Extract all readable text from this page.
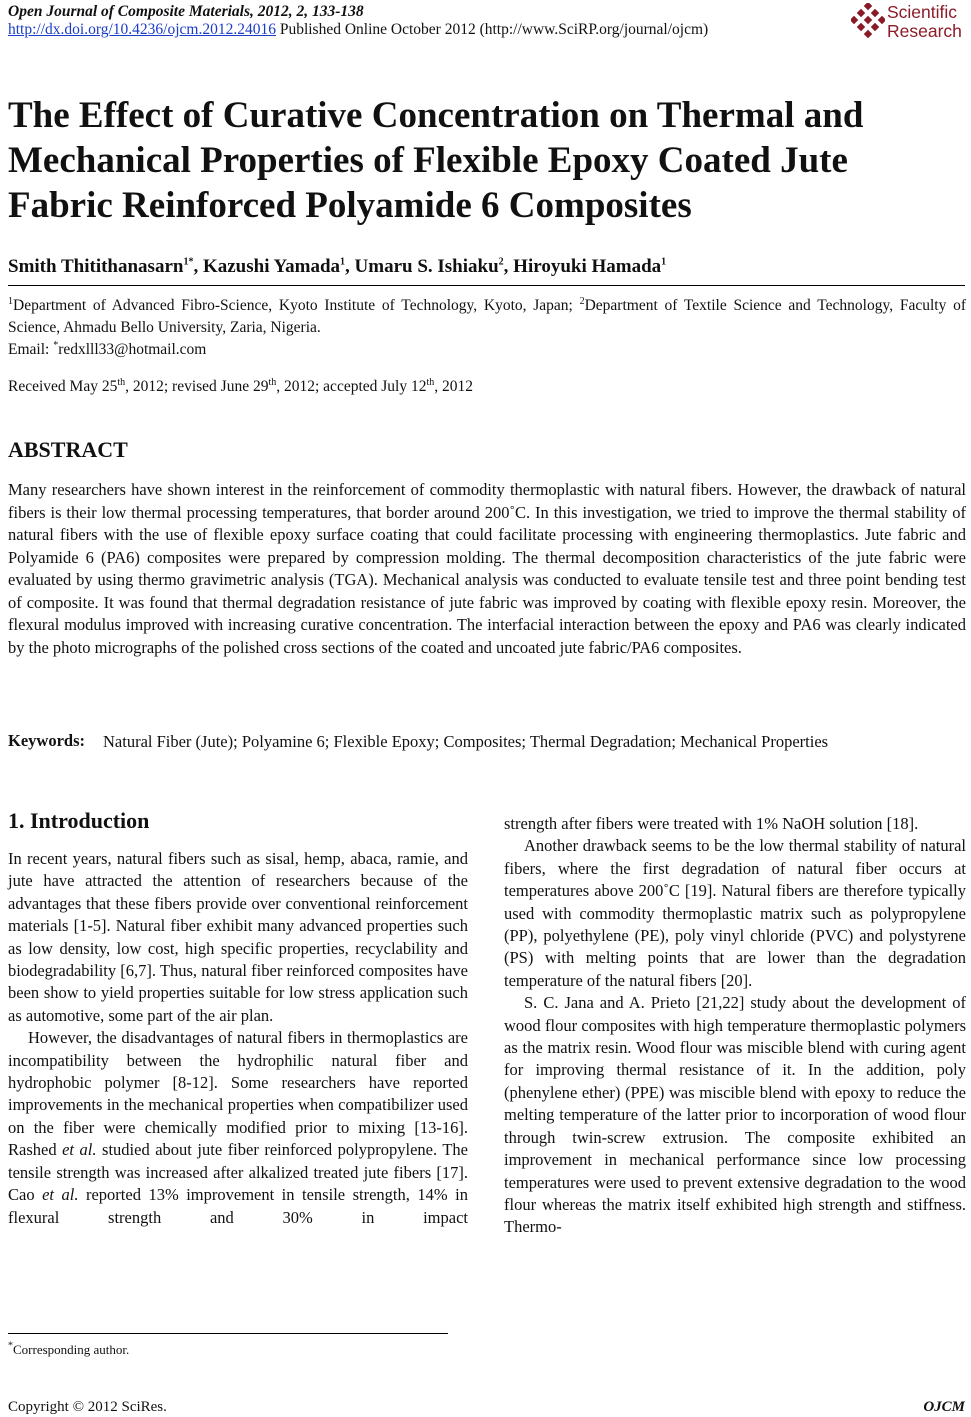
Open Journal of Composite Materials, 2012, 2, 133-138
http://dx.doi.org/10.4236/ojcm.2012.24016 Published Online October 2012 (http://www.SciRP.org/journal/ojcm)
Scientific
Research
The Effect of Curative Concentration on Thermal and Mechanical Properties of Flexible Epoxy Coated Jute Fabric Reinforced Polyamide 6 Composites
Smith Thitithanasarn$^{1*}$, Kazushi Yamada$^1$, Umaru S. Ishiaku$^2$, Hiroyuki Hamada$^1$
$^1$Department of Advanced Fibro-Science, Kyoto Institute of Technology, Kyoto, Japan; $^2$Department of Textile Science and Technology, Faculty of Science, Ahmadu Bello University, Zaria, Nigeria.
Email: *redxlll33@hotmail.com
Received May 25th, 2012; revised June 29th, 2012; accepted July 12th, 2012
ABSTRACT
Many researchers have shown interest in the reinforcement of commodity thermoplastic with natural fibers. However, the drawback of natural fibers is their low thermal processing temperatures, that border around 200˚C. In this investigation, we tried to improve the thermal stability of natural fibers with the use of flexible epoxy surface coating that could facilitate processing with engineering thermoplastics. Jute fabric and Polyamide 6 (PA6) composites were prepared by compression molding. The thermal decomposition characteristics of the jute fabric were evaluated by using thermo gravimetric analysis (TGA). Mechanical analysis was conducted to evaluate tensile test and three point bending test of composite. It was found that thermal degradation resistance of jute fabric was improved by coating with flexible epoxy resin. Moreover, the flexural modulus improved with increasing curative concentration. The interfacial interaction between the epoxy and PA6 was clearly indicated by the photo micrographs of the polished cross sections of the coated and uncoated jute fabric/PA6 composites.
Keywords: Natural Fiber (Jute); Polyamine 6; Flexible Epoxy; Composites; Thermal Degradation; Mechanical Properties
1. Introduction

In recent years, natural fibers such as sisal, hemp, abaca, ramie, and jute have attracted the attention of researchers because of the advantages that these fibers provide over conventional reinforcement materials [1-5]. Natural fiber exhibit many advanced properties such as low density, low cost, high specific properties, recyclability and biodegradability [6,7]. Thus, natural fiber reinforced composites have been show to yield properties suitable for low stress application such as automotive, some part of the air plan.

However, the disadvantages of natural fibers in thermoplastics are incompatibility between the hydrophilic natural fiber and hydrophobic polymer [8-12]. Some researchers have reported improvements in the mechanical properties when compatibilizer used on the fiber were chemically modified prior to mixing [13-16]. Rashed et al. studied about jute fiber reinforced polypropylene. The tensile strength was increased after alkalized treated jute fibers [17]. Cao et al. reported 13% improvement in tensile strength, 14% in flexural strength and 30% in impact

strength after fibers were treated with 1% NaOH solution [18].

Another drawback seems to be the low thermal stability of natural fibers, where the first degradation of natural fiber occurs at temperatures above 200˚C [19]. Natural fibers are therefore typically used with commodity thermoplastic matrix such as polypropylene (PP), polyethylene (PE), poly vinyl chloride (PVC) and polystyrene (PS) with melting points that are lower than the degradation temperature of the natural fibers [20].

S. C. Jana and A. Prieto [21,22] study about the development of wood flour composites with high temperature thermoplastic polymers as the matrix resin. Wood flour was miscible blend with curing agent for improving thermal resistance of it. In the addition, poly (phenylene ether) (PPE) was miscible blend with epoxy to reduce the melting temperature of the latter prior to incorporation of wood flour through twin-screw extrusion. The composite exhibited an improvement in mechanical performance since low processing temperatures were used to prevent extensive degradation to the wood flour whereas the matrix itself exhibited high strength and stiffness. Thermo-

*Corresponding author.
Copyright © 2012 SciRes.	OJCM
